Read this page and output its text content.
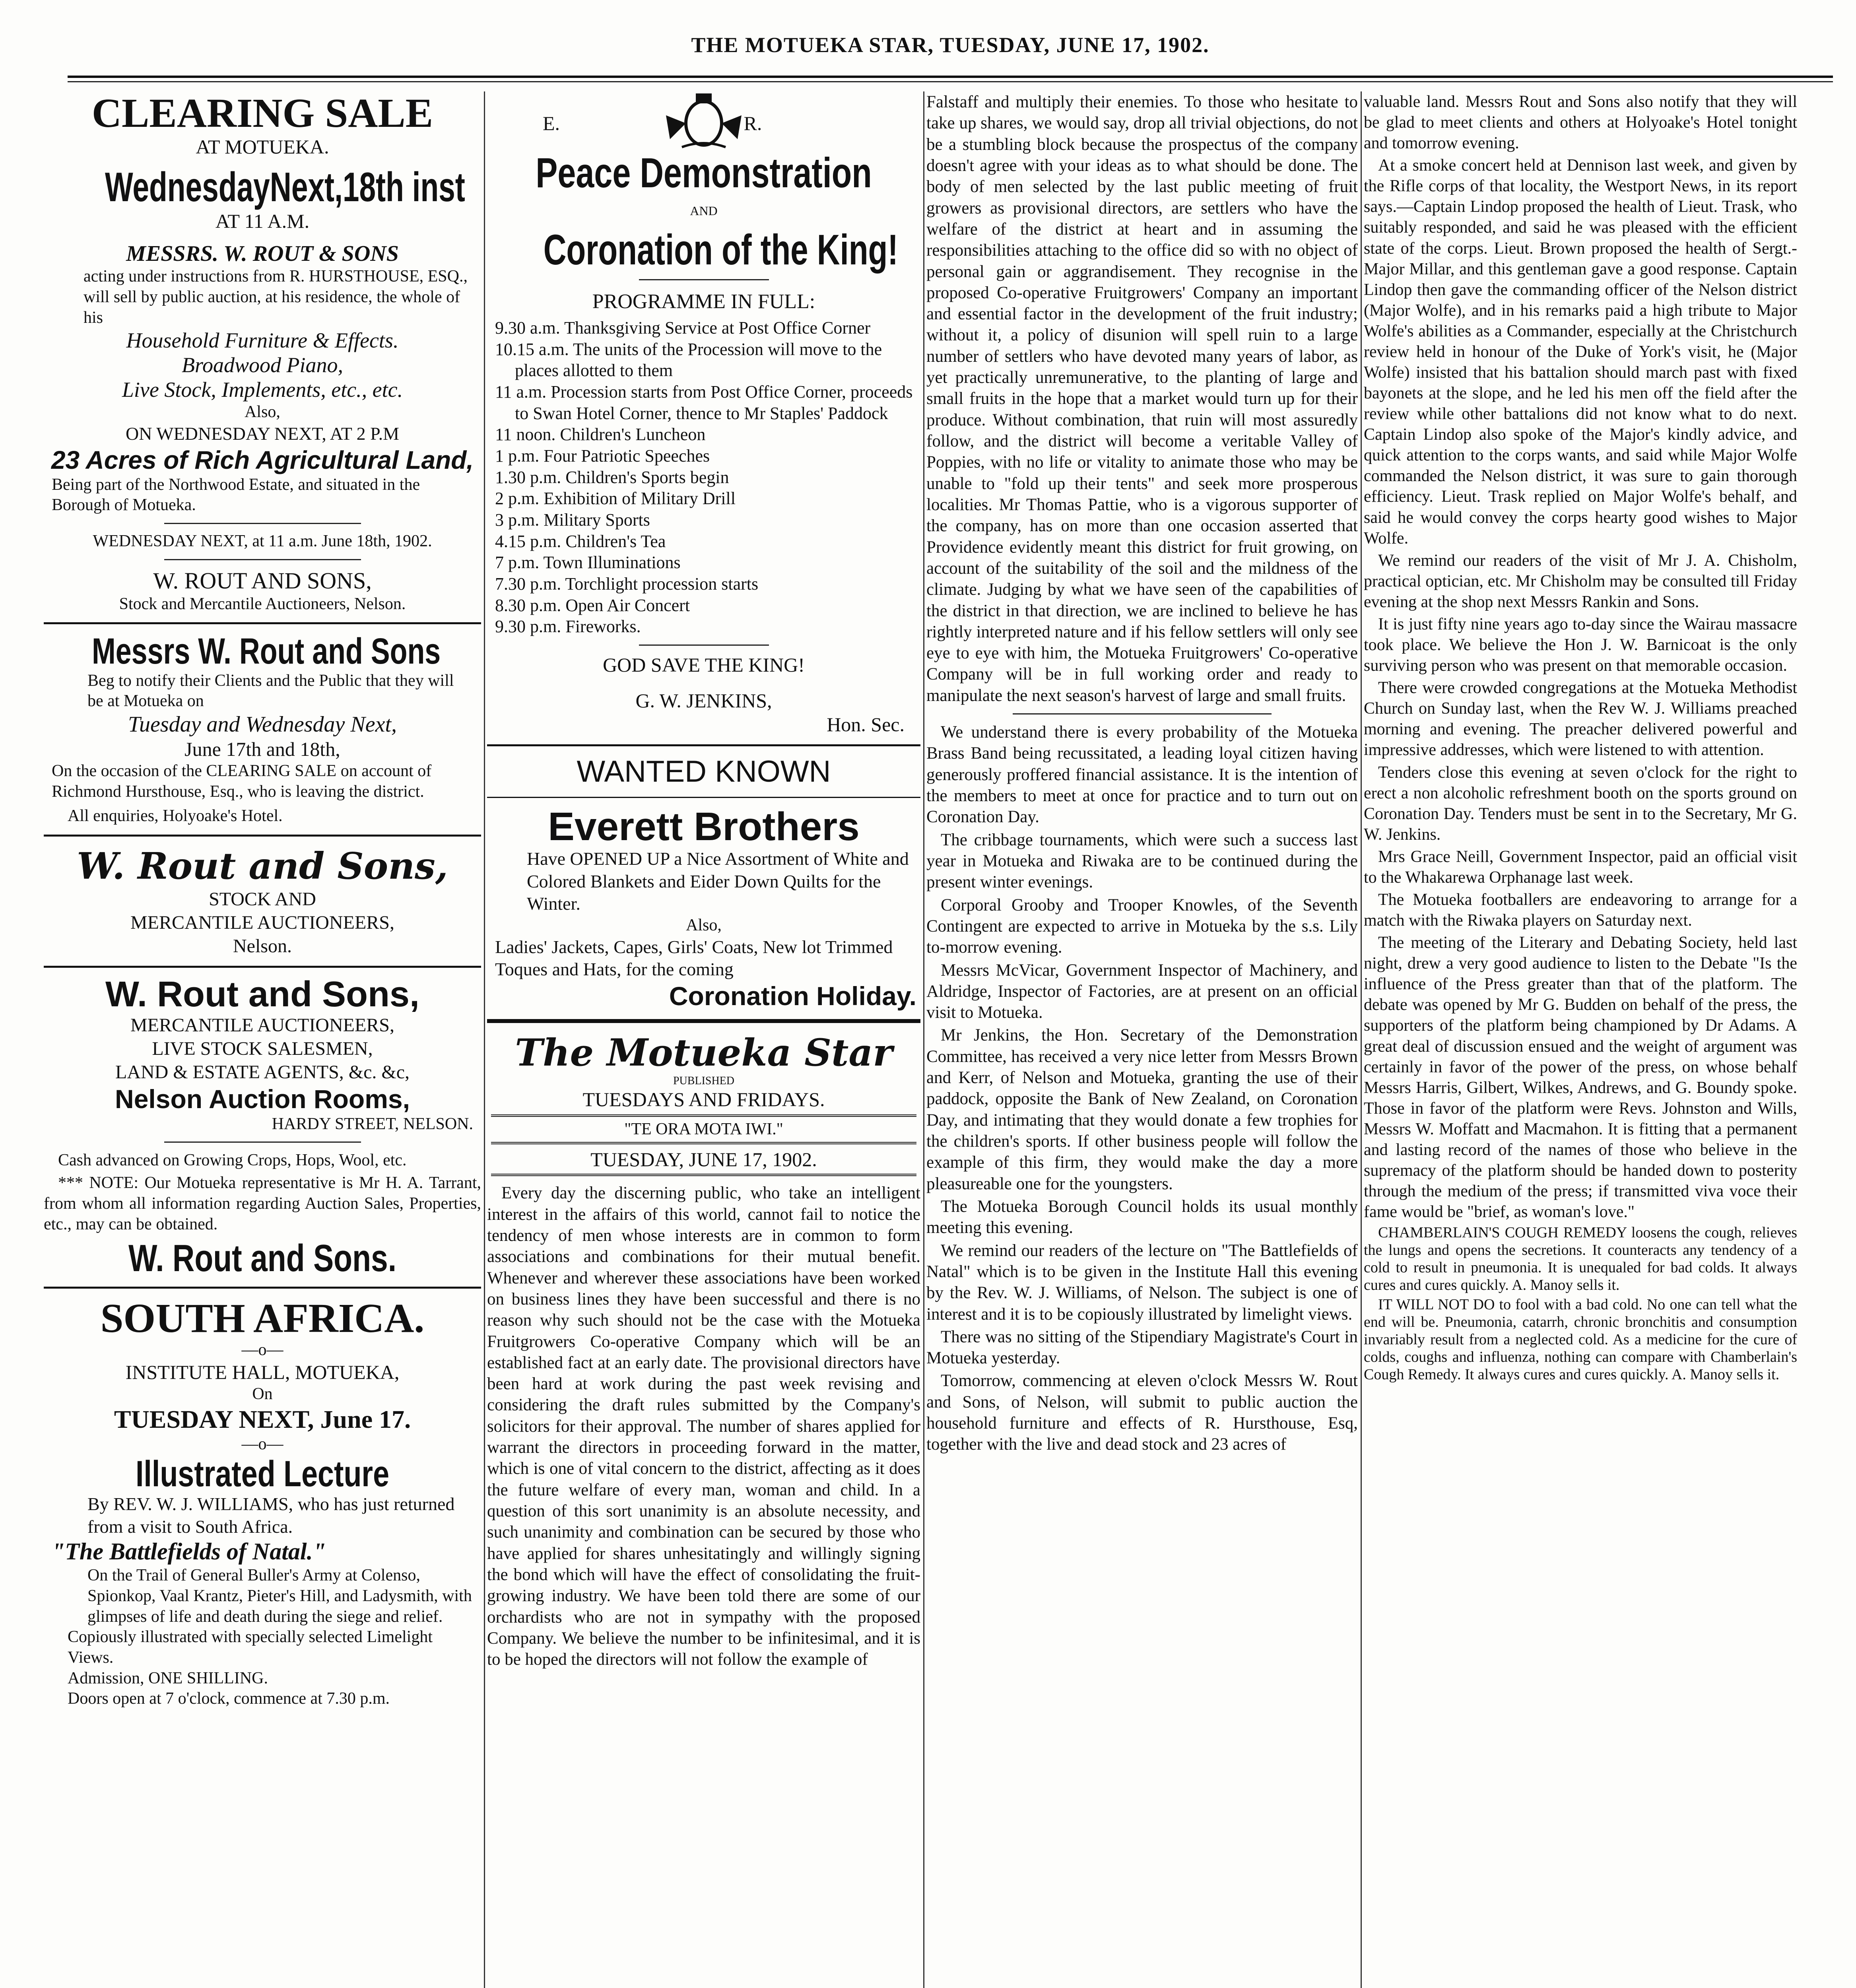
THE MOTUEKA STAR, TUESDAY, JUNE 17, 1902.
CLEARING SALE
AT MOTUEKA.
WednesdayNext,18th inst
AT 11 A.M.
MESSRS. W. ROUT & SONS
acting under instructions from R. HURSTHOUSE, ESQ., will sell by public auction, at his residence, the whole of his
Household Furniture & Effects.
Broadwood Piano,
Live Stock, Implements, etc., etc.
Also,
ON WEDNESDAY NEXT, AT 2 P.M
23 Acres of Rich Agricultural Land,
Being part of the Northwood Estate, and situated in the Borough of Motueka.
WEDNESDAY NEXT, at 11 a.m. June 18th, 1902.
W. ROUT AND SONS,
Stock and Mercantile Auctioneers, Nelson.
Messrs W. Rout and Sons
Beg to notify their Clients and the Public that they will be at Motueka on
Tuesday and Wednesday Next,
June 17th and 18th,
On the occasion of the CLEARING SALE on account of Richmond Hursthouse, Esq., who is leaving the district.
All enquiries, Holyoake's Hotel.
W. Rout and Sons,
STOCK AND
MERCANTILE AUCTIONEERS,
Nelson.
W. Rout and Sons,
MERCANTILE AUCTIONEERS,
LIVE STOCK SALESMEN,
LAND & ESTATE AGENTS, &c. &c,
Nelson Auction Rooms,
HARDY STREET, NELSON.
Cash advanced on Growing Crops, Hops, Wool, etc.
*** NOTE: Our Motueka representative is Mr H. A. Tarrant, from whom all information regarding Auction Sales, Properties, etc., may can be obtained.
W. Rout and Sons.
SOUTH AFRICA.
—o—
INSTITUTE HALL, MOTUEKA,
On
TUESDAY NEXT, June 17.
—o—
Illustrated Lecture
By REV. W. J. WILLIAMS, who has just returned from a visit to South Africa.
"The Battlefields of Natal."
On the Trail of General Buller's Army at Colenso, Spionkop, Vaal Krantz, Pieter's Hill, and Ladysmith, with glimpses of life and death during the siege and relief.
Copiously illustrated with specially selected Limelight Views.
Admission, ONE SHILLING.
Doors open at 7 o'clock, commence at 7.30 p.m.
E.                                     R.
Peace Demonstration
AND
Coronation of the King!
PROGRAMME IN FULL:
9.30 a.m. Thanksgiving Service at Post Office Corner
10.15 a.m. The units of the Procession will move to the places allotted to them
11 a.m. Procession starts from Post Office Corner, proceeds to Swan Hotel Corner, thence to Mr Staples' Paddock
11 noon. Children's Luncheon
1 p.m. Four Patriotic Speeches
1.30 p.m. Children's Sports begin
2 p.m. Exhibition of Military Drill
3 p.m. Military Sports
4.15 p.m. Children's Tea
7 p.m. Town Illuminations
7.30 p.m. Torchlight procession starts
8.30 p.m. Open Air Concert
9.30 p.m. Fireworks.
GOD SAVE THE KING!
G. W. JENKINS,
Hon. Sec.
WANTED KNOWN
Everett Brothers
Have OPENED UP a Nice Assortment of White and Colored Blankets and Eider Down Quilts for the Winter.
Also,
Ladies' Jackets, Capes, Girls' Coats, New lot Trimmed Toques and Hats, for the coming
Coronation Holiday.
The Motueka Star
PUBLISHED
TUESDAYS AND FRIDAYS.
"TE ORA MOTA IWI."
TUESDAY, JUNE 17, 1902.
Every day the discerning public, who take an intelligent interest in the affairs of this world, cannot fail to notice the tendency of men whose interests are in common to form associations and combinations for their mutual benefit. Whenever and wherever these associations have been worked on business lines they have been successful and there is no reason why such should not be the case with the Motueka Fruitgrowers Co-operative Company which will be an established fact at an early date. The provisional directors have been hard at work during the past week revising and considering the draft rules submitted by the Company's solicitors for their approval. The number of shares applied for warrant the directors in proceeding forward in the matter, which is one of vital concern to the district, affecting as it does the future welfare of every man, woman and child. In a question of this sort unanimity is an absolute necessity, and such unanimity and combination can be secured by those who have applied for shares unhesitatingly and willingly signing the bond which will have the effect of consolidating the fruit-growing industry. We have been told there are some of our orchardists who are not in sympathy with the proposed Company. We believe the number to be infinitesimal, and it is to be hoped the directors will not follow the example of
Falstaff and multiply their enemies. To those who hesitate to take up shares, we would say, drop all trivial objections, do not be a stumbling block because the prospectus of the company doesn't agree with your ideas as to what should be done. The body of men selected by the last public meeting of fruit growers as provisional directors, are settlers who have the welfare of the district at heart and in assuming the responsibilities attaching to the office did so with no object of personal gain or aggrandisement. They recognise in the proposed Co-operative Fruitgrowers' Company an important and essential factor in the development of the fruit industry; without it, a policy of disunion will spell ruin to a large number of settlers who have devoted many years of labor, as yet practically unremunerative, to the planting of large and small fruits in the hope that a market would turn up for their produce. Without combination, that ruin will most assuredly follow, and the district will become a veritable Valley of Poppies, with no life or vitality to animate those who may be unable to "fold up their tents" and seek more prosperous localities. Mr Thomas Pattie, who is a vigorous supporter of the company, has on more than one occasion asserted that Providence evidently meant this district for fruit growing, on account of the suitability of the soil and the mildness of the climate. Judging by what we have seen of the capabilities of the district in that direction, we are inclined to believe he has rightly interpreted nature and if his fellow settlers will only see eye to eye with him, the Motueka Fruitgrowers' Co-operative Company will be in full working order and ready to manipulate the next season's harvest of large and small fruits.
We understand there is every probability of the Motueka Brass Band being recussitated, a leading loyal citizen having generously proffered financial assistance. It is the intention of the members to meet at once for practice and to turn out on Coronation Day.
The cribbage tournaments, which were such a success last year in Motueka and Riwaka are to be continued during the present winter evenings.
Corporal Grooby and Trooper Knowles, of the Seventh Contingent are expected to arrive in Motueka by the s.s. Lily to-morrow evening.
Messrs McVicar, Government Inspector of Machinery, and Aldridge, Inspector of Factories, are at present on an official visit to Motueka.
Mr Jenkins, the Hon. Secretary of the Demonstration Committee, has received a very nice letter from Messrs Brown and Kerr, of Nelson and Motueka, granting the use of their paddock, opposite the Bank of New Zealand, on Coronation Day, and intimating that they would donate a few trophies for the children's sports. If other business people will follow the example of this firm, they would make the day a more pleasureable one for the youngsters.
The Motueka Borough Council holds its usual monthly meeting this evening.
We remind our readers of the lecture on "The Battlefields of Natal" which is to be given in the Institute Hall this evening by the Rev. W. J. Williams, of Nelson. The subject is one of interest and it is to be copiously illustrated by limelight views.
There was no sitting of the Stipendiary Magistrate's Court in Motueka yesterday.
Tomorrow, commencing at eleven o'clock Messrs W. Rout and Sons, of Nelson, will submit to public auction the household furniture and effects of R. Hursthouse, Esq, together with the live and dead stock and 23 acres of
valuable land. Messrs Rout and Sons also notify that they will be glad to meet clients and others at Holyoake's Hotel tonight and tomorrow evening.
At a smoke concert held at Dennison last week, and given by the Rifle corps of that locality, the Westport News, in its report says.—Captain Lindop proposed the health of Lieut. Trask, who suitably responded, and said he was pleased with the efficient state of the corps. Lieut. Brown proposed the health of Sergt.-Major Millar, and this gentleman gave a good response. Captain Lindop then gave the commanding officer of the Nelson district (Major Wolfe), and in his remarks paid a high tribute to Major Wolfe's abilities as a Commander, especially at the Christchurch review held in honour of the Duke of York's visit, he (Major Wolfe) insisted that his battalion should march past with fixed bayonets at the slope, and he led his men off the field after the review while other battalions did not know what to do next. Captain Lindop also spoke of the Major's kindly advice, and quick attention to the corps wants, and said while Major Wolfe commanded the Nelson district, it was sure to gain thorough efficiency. Lieut. Trask replied on Major Wolfe's behalf, and said he would convey the corps hearty good wishes to Major Wolfe.
We remind our readers of the visit of Mr J. A. Chisholm, practical optician, etc. Mr Chisholm may be consulted till Friday evening at the shop next Messrs Rankin and Sons.
It is just fifty nine years ago to-day since the Wairau massacre took place. We believe the Hon J. W. Barnicoat is the only surviving person who was present on that memorable occasion.
There were crowded congregations at the Motueka Methodist Church on Sunday last, when the Rev W. J. Williams preached morning and evening. The preacher delivered powerful and impressive addresses, which were listened to with attention.
Tenders close this evening at seven o'clock for the right to erect a non alcoholic refreshment booth on the sports ground on Coronation Day. Tenders must be sent in to the Secretary, Mr G. W. Jenkins.
Mrs Grace Neill, Government Inspector, paid an official visit to the Whakarewa Orphanage last week.
The Motueka footballers are endeavoring to arrange for a match with the Riwaka players on Saturday next.
The meeting of the Literary and Debating Society, held last night, drew a very good audience to listen to the Debate "Is the influence of the Press greater than that of the platform. The debate was opened by Mr G. Budden on behalf of the press, the supporters of the platform being championed by Dr Adams. A great deal of discussion ensued and the weight of argument was certainly in favor of the power of the press, on whose behalf Messrs Harris, Gilbert, Wilkes, Andrews, and G. Boundy spoke. Those in favor of the platform were Revs. Johnston and Wills, Messrs W. Moffatt and Macmahon. It is fitting that a permanent and lasting record of the names of those who believe in the supremacy of the platform should be handed down to posterity through the medium of the press; if transmitted viva voce their fame would be "brief, as woman's love."
CHAMBERLAIN'S COUGH REMEDY loosens the cough, relieves the lungs and opens the secretions. It counteracts any tendency of a cold to result in pneumonia. It is unequaled for bad colds. It always cures and cures quickly. A. Manoy sells it.
IT WILL NOT DO to fool with a bad cold. No one can tell what the end will be. Pneumonia, catarrh, chronic bronchitis and consumption invariably result from a neglected cold. As a medicine for the cure of colds, coughs and influenza, nothing can compare with Chamberlain's Cough Remedy. It always cures and cures quickly. A. Manoy sells it.
